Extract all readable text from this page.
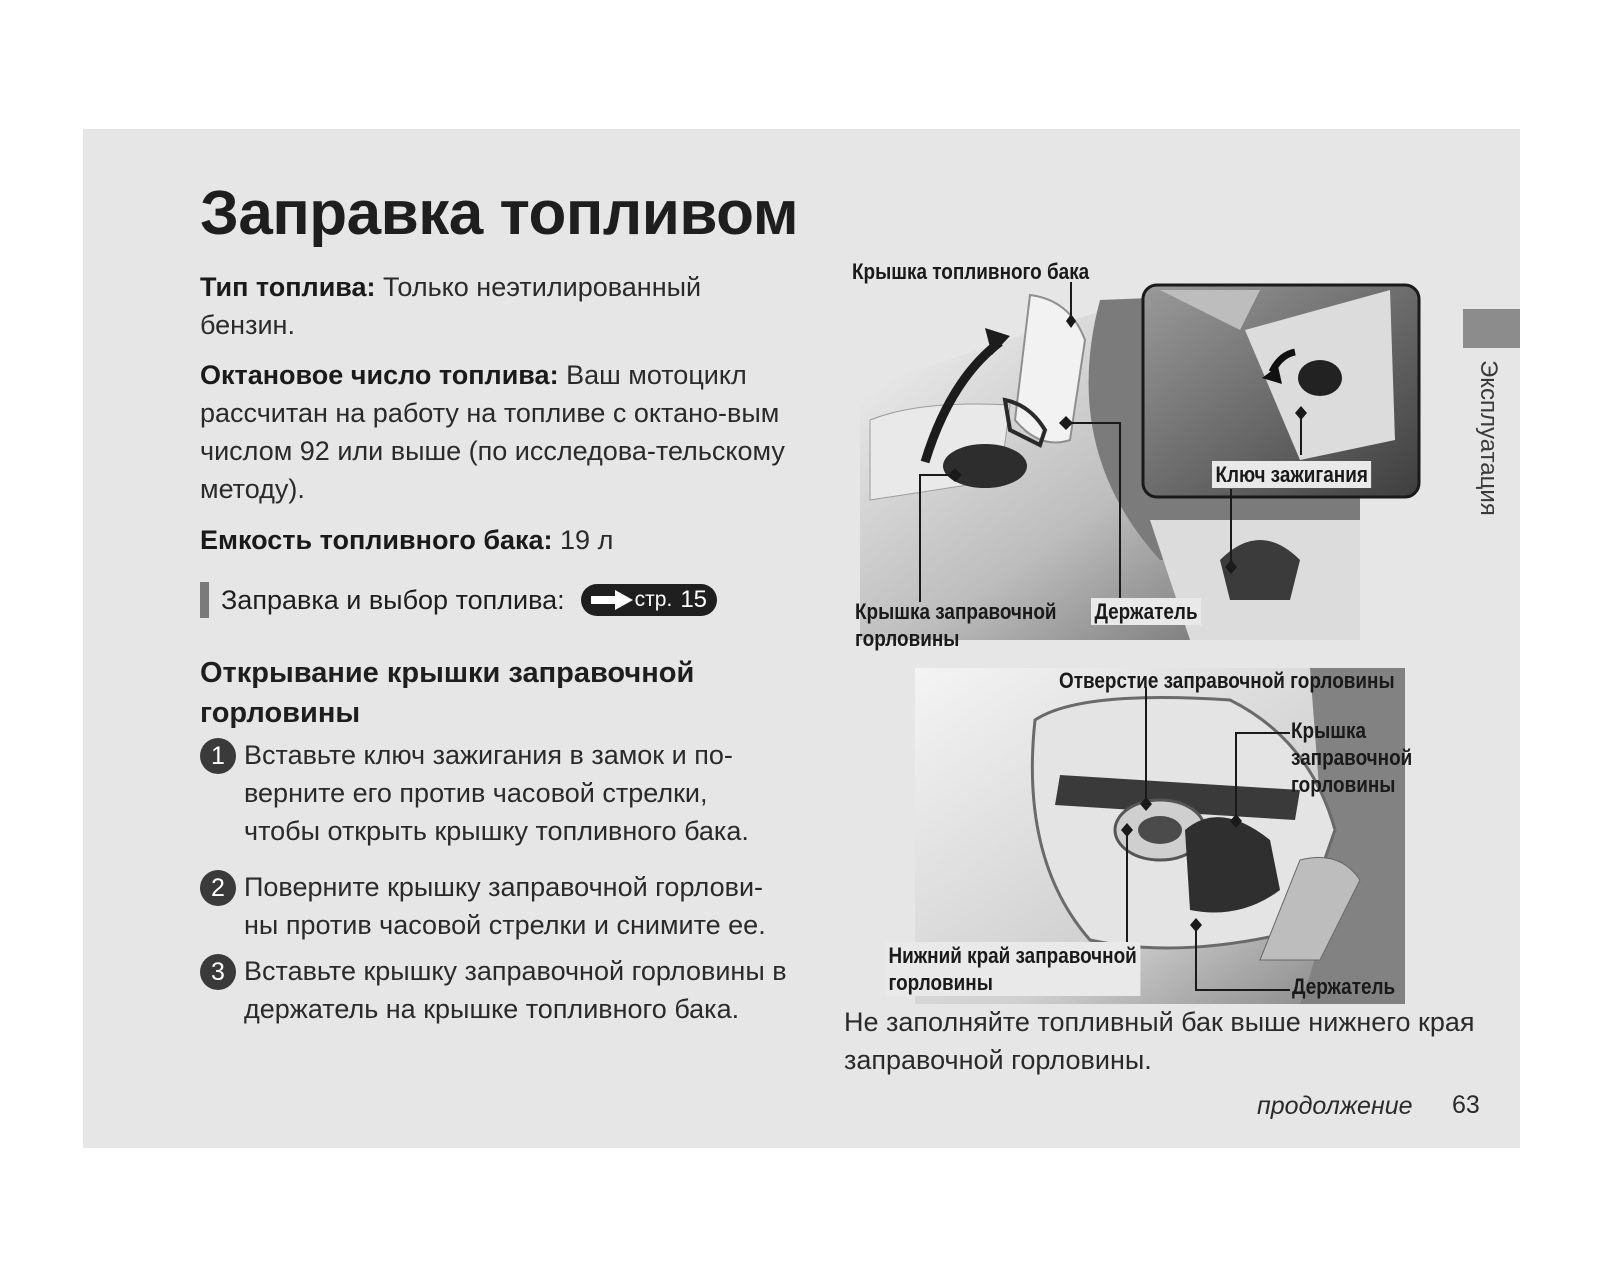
Заправка топливом

Тип топлива: Только неэтилированный бензин.

Октановое число топлива: Ваш мотоцикл рассчитан на работу на топливе с октано-вым числом 92 или выше (по исследова-тельскому методу).

Емкость топливного бака: 19 л

Заправка и выбор топлива:	стр. 15
Открывание крышки заправочной горловины
1 Вставьте ключ зажигания в замок и по-верните его против часовой стрелки, чтобы открыть крышку топливного бака.

2 Поверните крышку заправочной горлови-ны против часовой стрелки и снимите ее.

3 Вставьте крышку заправочной горловины в держатель на крышке топливного бака.

Эксплуатация
Крышка топливного бака
Ключ зажигания
Крышка заправочной
горловины
Держатель
Отверстие заправочной горловины
Крышка
заправочной
горловины
Нижний край заправочной
горловины	Держатель

Не заполняйте топливный бак выше нижнего края заправочной горловины.

продолжение 63
